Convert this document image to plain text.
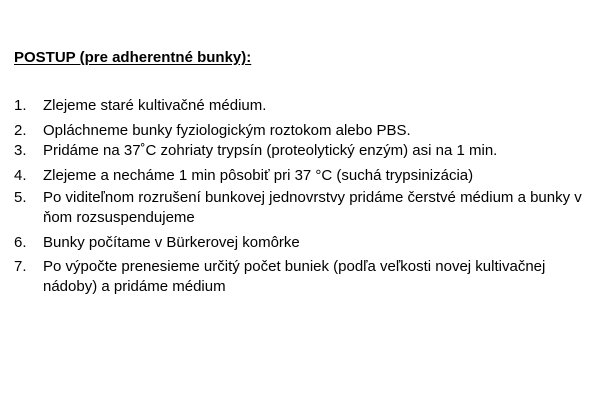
POSTUP (pre adherentné bunky):
1.	Zlejeme staré kultivačné médium.
2.	Opláchneme bunky fyziologickým roztokom alebo PBS.
3.	Pridáme na 37˚C zohriaty trypsín (proteolytický enzým) asi na 1 min.
4.	Zlejeme a necháme 1 min pôsobiť pri 37 °C (suchá trypsinizácia)
5.	Po viditeľnom rozrušení bunkovej jednovrstvy pridáme čerstvé médium a bunky v ňom rozsuspendujeme
6.	Bunky počítame v Bürkerovej komôrke
7.	Po výpočte prenesieme určitý počet buniek (podľa veľkosti novej kultivačnej nádoby) a pridáme médium
